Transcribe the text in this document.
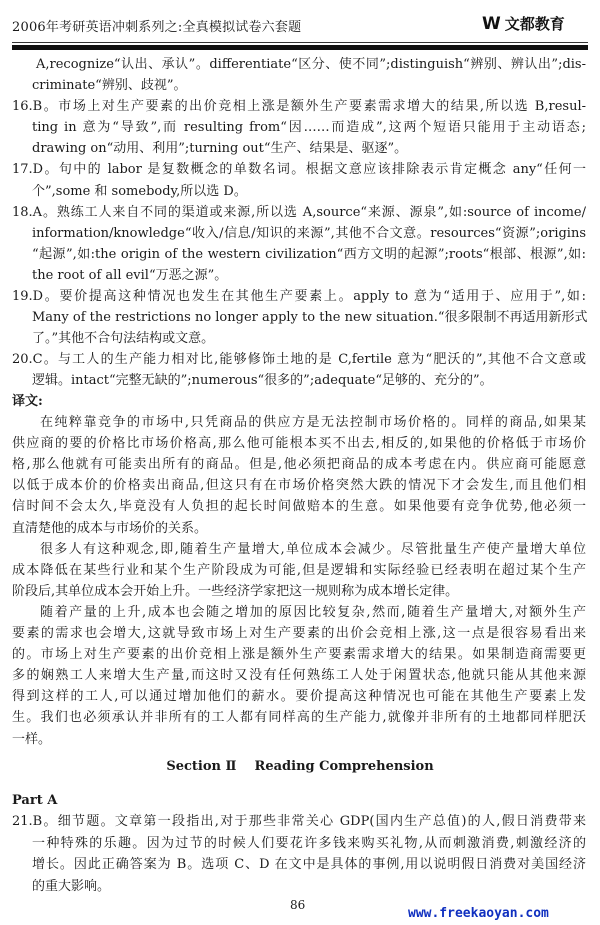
2006年考研英语冲刺系列之:全真模拟试卷六套题	W 文都教育
A,recognize“认出、承认”。differentiate“区分、使不同”;distinguish“辨别、辨认出”;dis-
criminate“辨别、歧视”。
16.B。市场上对生产要素的出价竞相上涨是额外生产要素需求增大的结果,所以选 B,resul-
ting in 意为“导致”,而 resulting from“因……而造成”,这两个短语只能用于主动语态;
drawing on“动用、利用”;turning out“生产、结果是、驱逐”。
17.D。句中的 labor 是复数概念的单数名词。根据文意应该排除表示肯定概念 any“任何一
个”,some 和 somebody,所以选 D。
18.A。熟练工人来自不同的渠道或来源,所以选 A,source“来源、源泉”,如:source of income/
information/knowledge“收入/信息/知识的来源”,其他不合文意。resources“资源”;origins
“起源”,如:the origin of the western civilization“西方文明的起源”;roots“根部、根源”,如:
the root of all evil“万恶之源”。
19.D。要价提高这种情况也发生在其他生产要素上。apply to 意为“适用于、应用于”,如:
Many of the restrictions no longer apply to the new situation.“很多限制不再适用新形式
了。”其他不合句法结构或文意。
20.C。与工人的生产能力相对比,能够修饰土地的是 C,fertile 意为“肥沃的”,其他不合文意或
逻辑。intact“完整无缺的”;numerous“很多的”;adequate“足够的、充分的”。
译文:
在纯粹靠竞争的市场中,只凭商品的供应方是无法控制市场价格的。同样的商品,如果某
供应商的要的价格比市场价格高,那么他可能根本买不出去,相反的,如果他的价格低于市场价
格,那么他就有可能卖出所有的商品。但是,他必须把商品的成本考虑在内。供应商可能愿意
以低于成本价的价格卖出商品,但这只有在市场价格突然大跌的情况下才会发生,而且他们相
信时间不会太久,毕竟没有人负担的起长时间做赔本的生意。如果他要有竞争优势,他必须一
直清楚他的成本与市场价的关系。
很多人有这种观念,即,随着生产量增大,单位成本会减少。尽管批量生产使产量增大单位
成本降低在某些行业和某个生产阶段成为可能,但是逻辑和实际经验已经表明在超过某个生产
阶段后,其单位成本会开始上升。一些经济学家把这一规则称为成本增长定律。
随着产量的上升,成本也会随之增加的原因比较复杂,然而,随着生产量增大,对额外生产
要素的需求也会增大,这就导致市场上对生产要素的出价会竞相上涨,这一点是很容易看出来
的。市场上对生产要素的出价竞相上涨是额外生产要素需求增大的结果。如果制造商需要更
多的娴熟工人来增大生产量,而这时又没有任何熟练工人处于闲置状态,他就只能从其他来源
得到这样的工人,可以通过增加他们的薪水。要价提高这种情况也可能在其他生产要素上发
生。我们也必须承认并非所有的工人都有同样高的生产能力,就像并非所有的土地都同样肥沃
一样。
Section Ⅱ    Reading Comprehension
Part A
21.B。细节题。文章第一段指出,对于那些非常关心 GDP(国内生产总值)的人,假日消费带来
一种特殊的乐趣。因为过节的时候人们要花许多钱来购买礼物,从而刺激消费,刺激经济的
增长。因此正确答案为 B。选项 C、D 在文中是具体的事例,用以说明假日消费对美国经济
的重大影响。
86
www.freekaoyan.com
